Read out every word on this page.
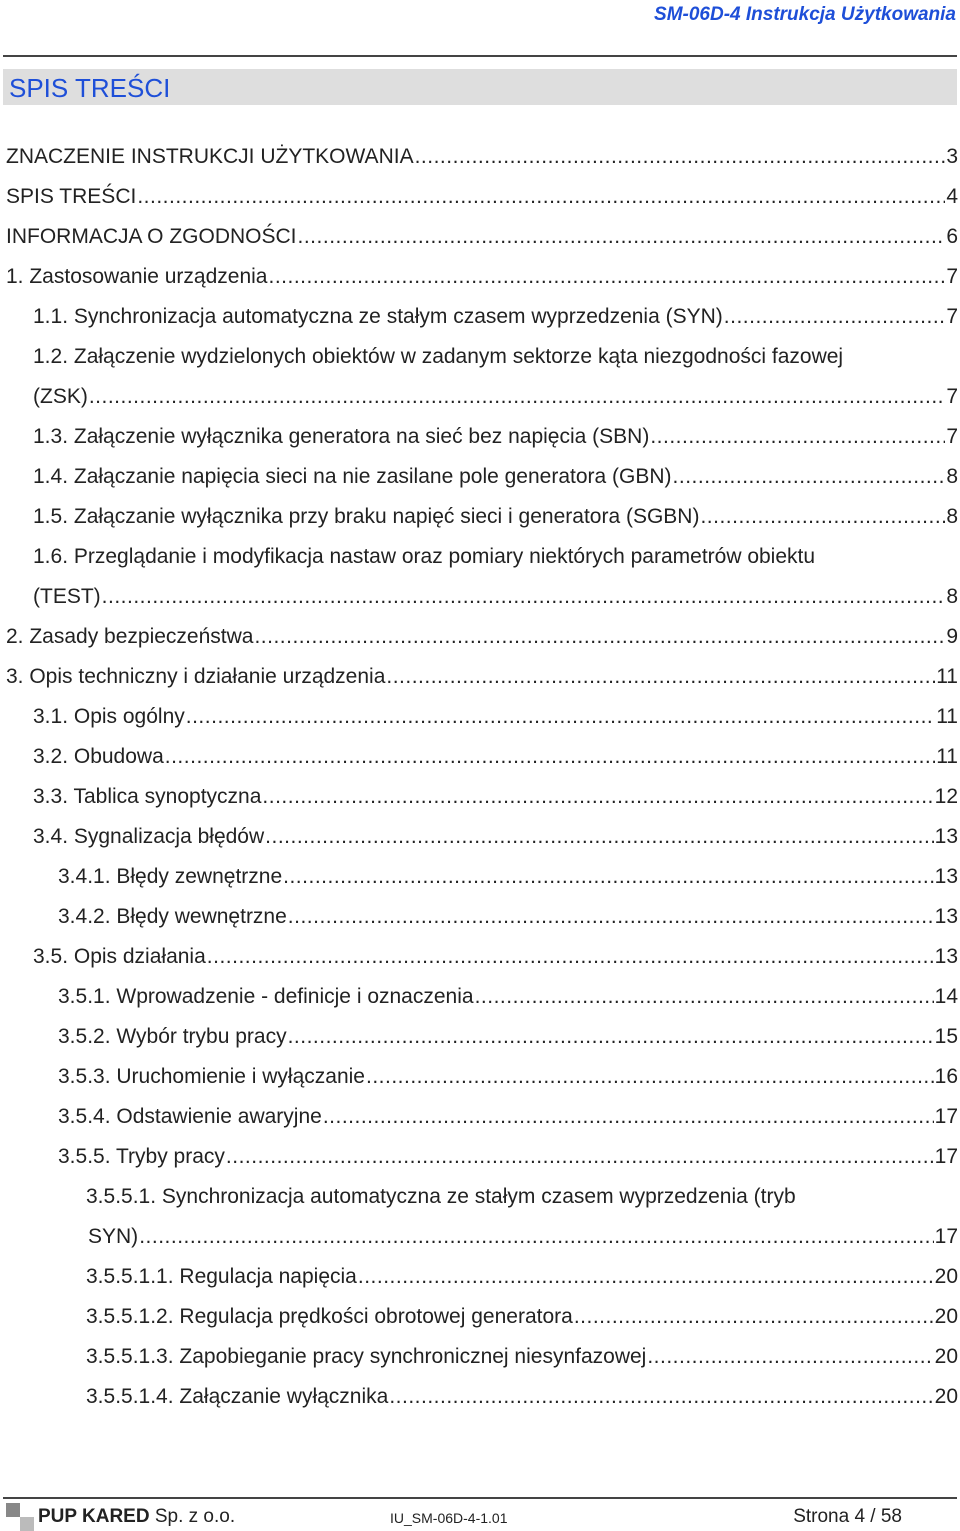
SM-06D-4 Instrukcja Użytkowania
SPIS TREŚCI
ZNACZENIE INSTRUKCJI UŻYTKOWANIA .....	3
SPIS TREŚCI .....	4
INFORMACJA O ZGODNOŚCI .....	6
1. Zastosowanie urządzenia .....	7
1.1. Synchronizacja automatyczna ze stałym czasem wyprzedzenia (SYN) .....	7
1.2. Załączenie wydzielonych obiektów w zadanym sektorze kąta niezgodności fazowej
(ZSK) .....	7
1.3. Załączenie wyłącznika generatora na sieć bez napięcia (SBN) .....	7
1.4. Załączanie napięcia sieci na nie zasilane pole generatora (GBN) .....	8
1.5. Załączanie wyłącznika przy braku napięć sieci i generatora (SGBN) .....	8
1.6. Przeglądanie i modyfikacja nastaw oraz pomiary niektórych parametrów obiektu
(TEST) .....	8
2. Zasady bezpieczeństwa .....	9
3. Opis techniczny i działanie urządzenia .....	11
3.1. Opis ogólny .....	11
3.2. Obudowa .....	11
3.3. Tablica synoptyczna .....	12
3.4. Sygnalizacja błędów .....	13
3.4.1. Błędy zewnętrzne .....	13
3.4.2. Błędy wewnętrzne .....	13
3.5. Opis działania .....	13
3.5.1. Wprowadzenie - definicje i oznaczenia .....	14
3.5.2. Wybór trybu pracy .....	15
3.5.3. Uruchomienie i wyłączanie .....	16
3.5.4. Odstawienie awaryjne .....	17
3.5.5. Tryby pracy .....	17
3.5.5.1. Synchronizacja automatyczna ze stałym czasem wyprzedzenia (tryb
SYN) .....	17
3.5.5.1.1. Regulacja napięcia .....	20
3.5.5.1.2. Regulacja prędkości obrotowej generatora .....	20
3.5.5.1.3. Zapobieganie pracy synchronicznej niesynfazowej .....	20
3.5.5.1.4. Załączanie wyłącznika .....	20
PUP KARED Sp. z o.o.	IU_SM-06D-4-1.01	Strona 4 / 58
